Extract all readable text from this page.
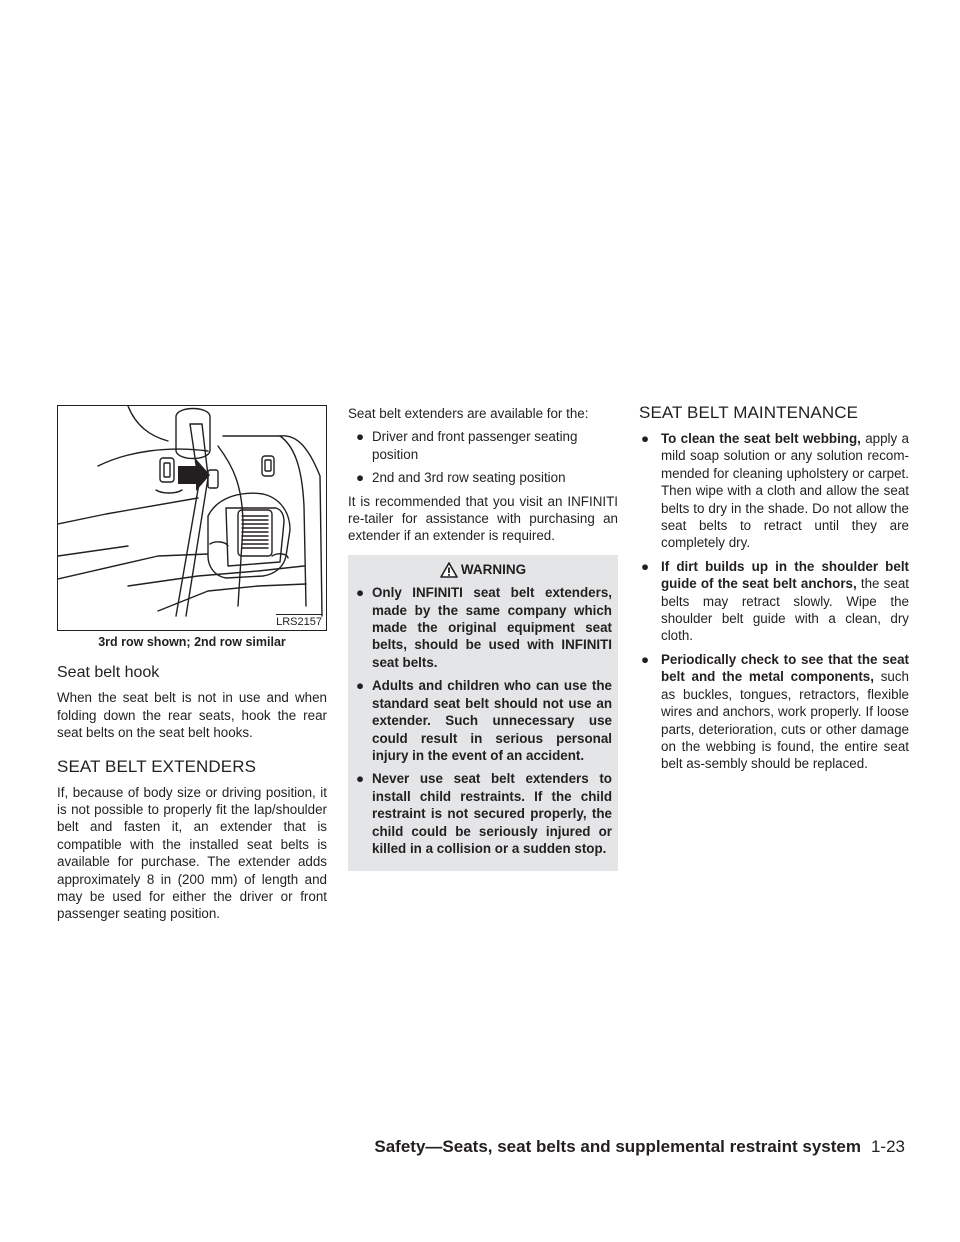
LRS2157
3rd row shown; 2nd row similar
Seat belt hook

When the seat belt is not in use and when folding down the rear seats, hook the rear seat belts on the seat belt hooks.

SEAT BELT EXTENDERS

If, because of body size or driving position, it is not possible to properly fit the lap/shoulder belt and fasten it, an extender that is compatible with the installed seat belts is available for purchase. The extender adds approximately 8 in (200 mm) of length and may be used for either the driver or front passenger seating position.

Seat belt extenders are available for the:

● Driver and front passenger seating position
● 2nd and 3rd row seating position

It is recommended that you visit an INFINITI re-tailer for assistance with purchasing an extender if an extender is required.

WARNING
● Only INFINITI seat belt extenders, made by the same company which made the original equipment seat belts, should be used with INFINITI seat belts.
● Adults and children who can use the standard seat belt should not use an extender. Such unnecessary use could result in serious personal injury in the event of an accident.
● Never use seat belt extenders to install child restraints. If the child restraint is not secured properly, the child could be seriously injured or killed in a collision or a sudden stop.
SEAT BELT MAINTENANCE
● To clean the seat belt webbing, apply a mild soap solution or any solution recom-mended for cleaning upholstery or carpet. Then wipe with a cloth and allow the seat belts to dry in the shade. Do not allow the seat belts to retract until they are completely dry.
● If dirt builds up in the shoulder belt guide of the seat belt anchors, the seat belts may retract slowly. Wipe the shoulder belt guide with a clean, dry cloth.
● Periodically check to see that the seat belt and the metal components, such as buckles, tongues, retractors, flexible wires and anchors, work properly. If loose parts, deterioration, cuts or other damage on the webbing is found, the entire seat belt as-sembly should be replaced.
Safety—Seats, seat belts and supplemental restraint system 1-23
